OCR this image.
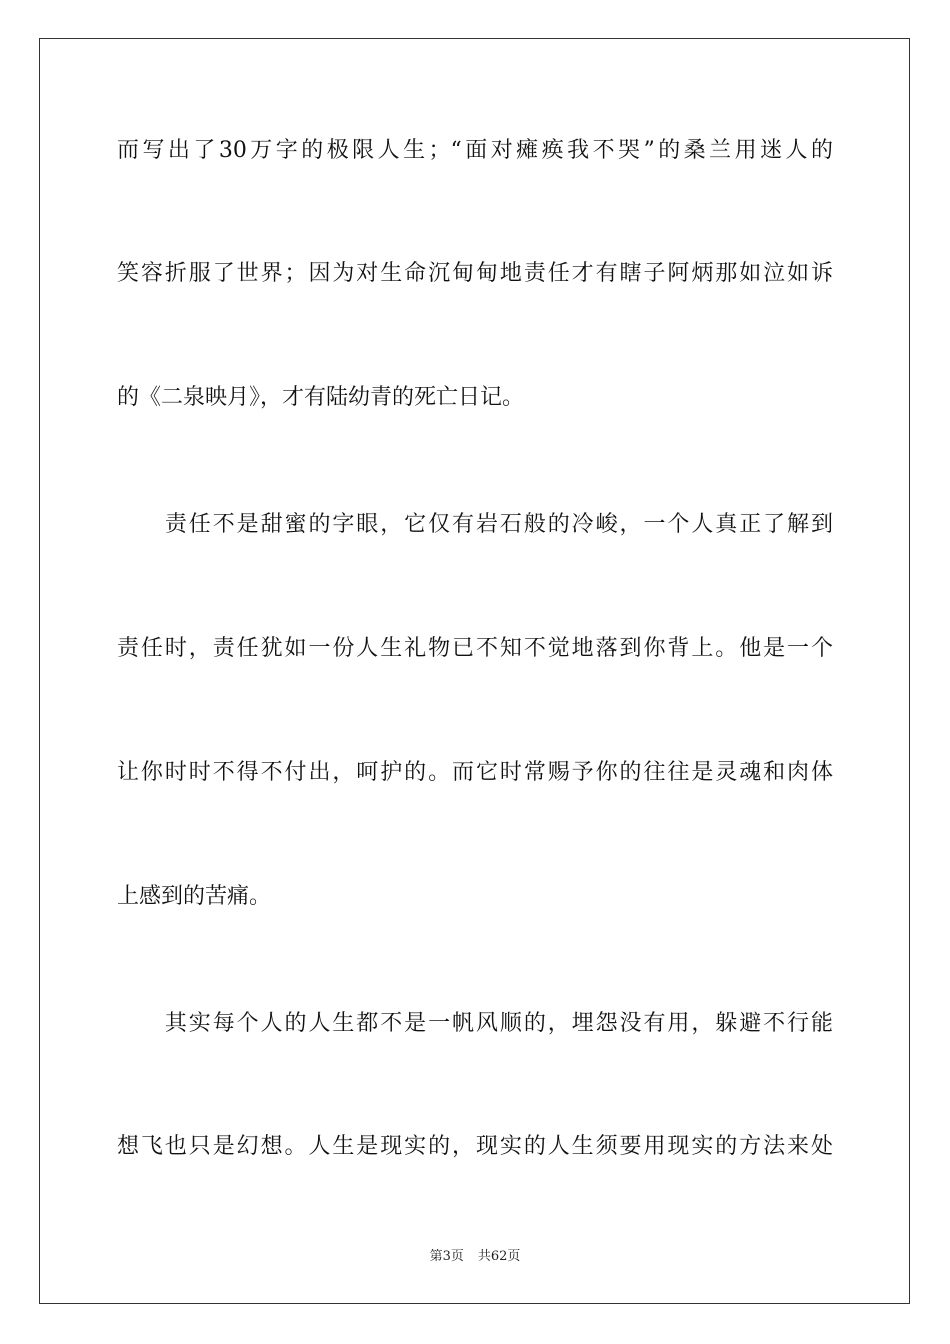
而写出了30万字的极限人生；“面对瘫痪我不哭”的桑兰用迷人的
笑容折服了世界；因为对生命沉甸甸地责任才有瞎子阿炳那如泣如诉
的《二泉映月》，才有陆幼青的死亡日记。
　　责任不是甜蜜的字眼，它仅有岩石般的冷峻，一个人真正了解到
责任时，责任犹如一份人生礼物已不知不觉地落到你背上。他是一个
让你时时不得不付出，呵护的。而它时常赐予你的往往是灵魂和肉体
上感到的苦痛。
　　其实每个人的人生都不是一帆风顺的，埋怨没有用，躲避不行能
想飞也只是幻想。人生是现实的，现实的人生须要用现实的方法来处
第3页 共62页
